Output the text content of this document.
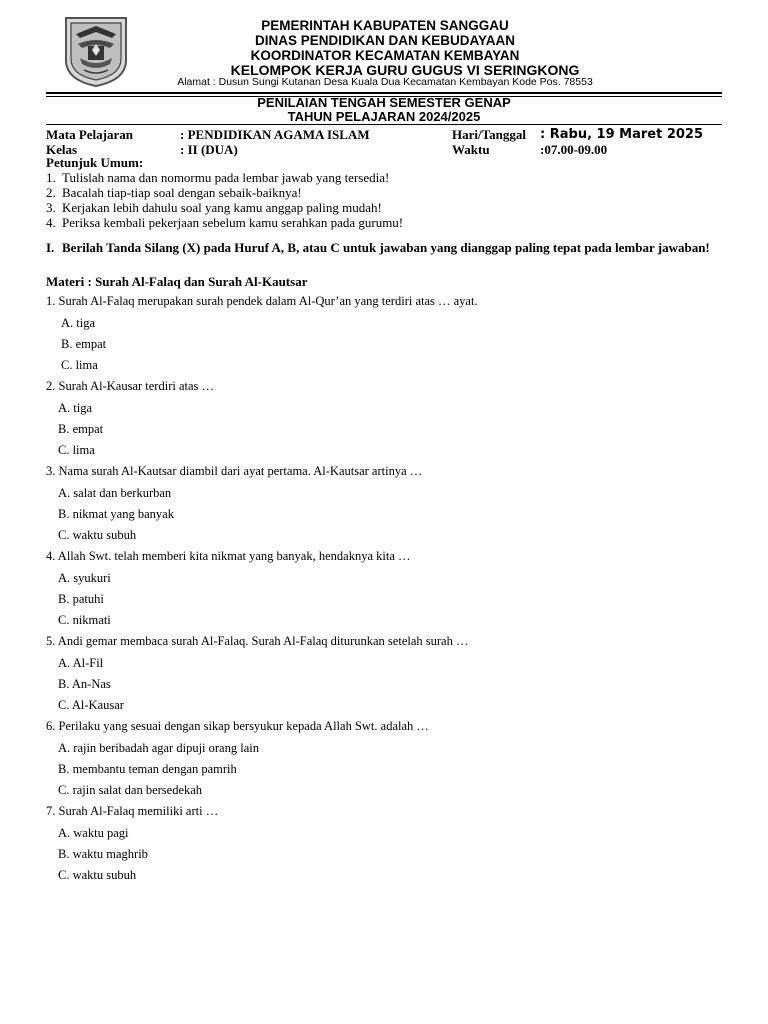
PEMERINTAH KABUPATEN SANGGAU
DINAS PENDIDIKAN DAN KEBUDAYAAN
KOORDINATOR KECAMATAN KEMBAYAN
KELOMPOK KERJA GURU GUGUS VI SERINGKONG
Alamat : Dusun Sungi Kutanan Desa Kuala Dua Kecamatan Kembayan Kode Pos. 78553
PENILAIAN TENGAH SEMESTER GENAP
TAHUN PELAJARAN 2024/2025
Mata Pelajaran	: PENDIDIKAN AGAMA ISLAM
Kelas	: II (DUA)
Hari/Tanggal : Rabu, 19 Maret 2025
Waktu	:07.00-09.00
Petunjuk Umum:
1. Tulislah nama dan nomormu pada lembar jawab yang tersedia!
2. Bacalah tiap-tiap soal dengan sebaik-baiknya!
3. Kerjakan lebih dahulu soal yang kamu anggap paling mudah!
4. Periksa kembali pekerjaan sebelum kamu serahkan pada gurumu!
I. Berilah Tanda Silang (X) pada Huruf A, B, atau C untuk jawaban yang dianggap paling tepat pada lembar jawaban!
Materi : Surah Al-Falaq dan Surah Al-Kautsar
1. Surah Al-Falaq merupakan surah pendek dalam Al-Qur’an yang terdiri atas … ayat.
A. tiga
B. empat
C. lima
2. Surah Al-Kausar terdiri atas …
A. tiga
B. empat
C. lima
3. Nama surah Al-Kautsar diambil dari ayat pertama. Al-Kautsar artinya …
A. salat dan berkurban
B. nikmat yang banyak
C. waktu subuh
4. Allah Swt. telah memberi kita nikmat yang banyak, hendaknya kita …
A. syukuri
B. patuhi
C. nikmati
5. Andi gemar membaca surah Al-Falaq. Surah Al-Falaq diturunkan setelah surah …
A. Al-Fil
B. An-Nas
C. Al-Kausar
6. Perilaku yang sesuai dengan sikap bersyukur kepada Allah Swt. adalah …
A. rajin beribadah agar dipuji orang lain
B. membantu teman dengan pamrih
C. rajin salat dan bersedekah
7. Surah Al-Falaq memiliki arti …
A. waktu pagi
B. waktu maghrib
C. waktu subuh
